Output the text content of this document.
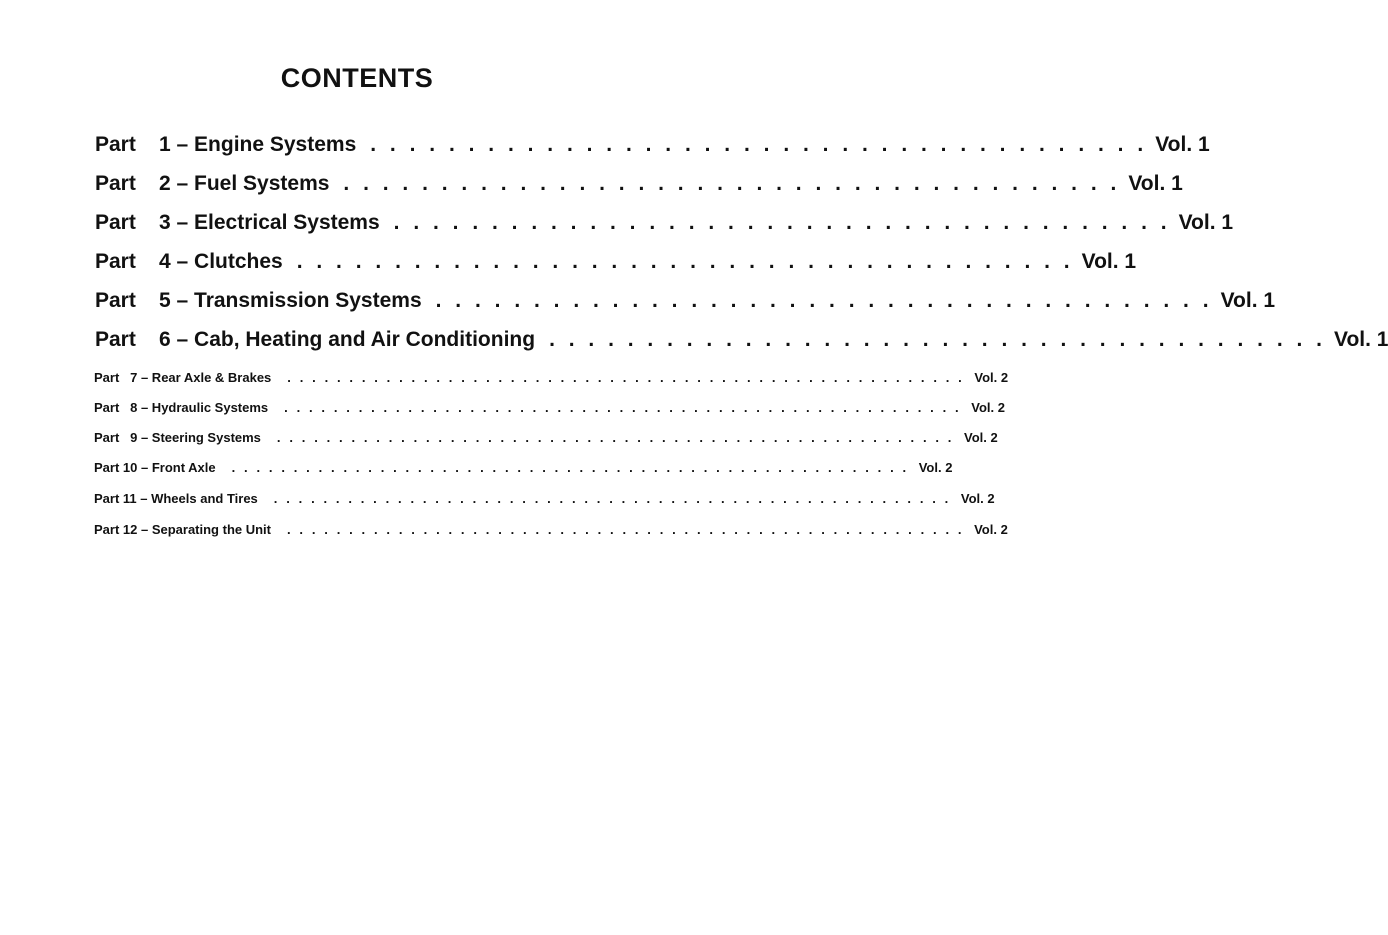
CONTENTS
Part	1 – Engine Systems . . . . . . . . . . . . . . . . . . . . . . . . . . . . . . . . . . . . . . . . Vol. 1
Part	2 – Fuel Systems . . . . . . . . . . . . . . . . . . . . . . . . . . . . . . . . . . . . . . . . Vol. 1
Part	3 – Electrical Systems . . . . . . . . . . . . . . . . . . . . . . . . . . . . . . . . . . . . . . . . Vol. 1
Part	4 – Clutches . . . . . . . . . . . . . . . . . . . . . . . . . . . . . . . . . . . . . . . . Vol. 1
Part	5 – Transmission Systems . . . . . . . . . . . . . . . . . . . . . . . . . . . . . . . . . . . . . . . . Vol. 1
Part	6 – Cab, Heating and Air Conditioning . . . . . . . . . . . . . . . . . . . . . . . . . . . . . . . . . . . . . . . . Vol. 1
Part   7 – Rear Axle & Brakes . . . . . . . . . . . . . . . . . . . . . . . . . . . . . . . . . . . . . . . . . . . . . . . . . . . . . . . Vol. 2
Part   8 – Hydraulic Systems . . . . . . . . . . . . . . . . . . . . . . . . . . . . . . . . . . . . . . . . . . . . . . . . . . . . . . . Vol. 2
Part   9 – Steering Systems . . . . . . . . . . . . . . . . . . . . . . . . . . . . . . . . . . . . . . . . . . . . . . . . . . . . . . . Vol. 2
Part 10 – Front Axle . . . . . . . . . . . . . . . . . . . . . . . . . . . . . . . . . . . . . . . . . . . . . . . . . . . . . . . Vol. 2
Part 11 – Wheels and Tires . . . . . . . . . . . . . . . . . . . . . . . . . . . . . . . . . . . . . . . . . . . . . . . . . . . . . . . Vol. 2
Part 12 – Separating the Unit . . . . . . . . . . . . . . . . . . . . . . . . . . . . . . . . . . . . . . . . . . . . . . . . . . . . . . . Vol. 2
